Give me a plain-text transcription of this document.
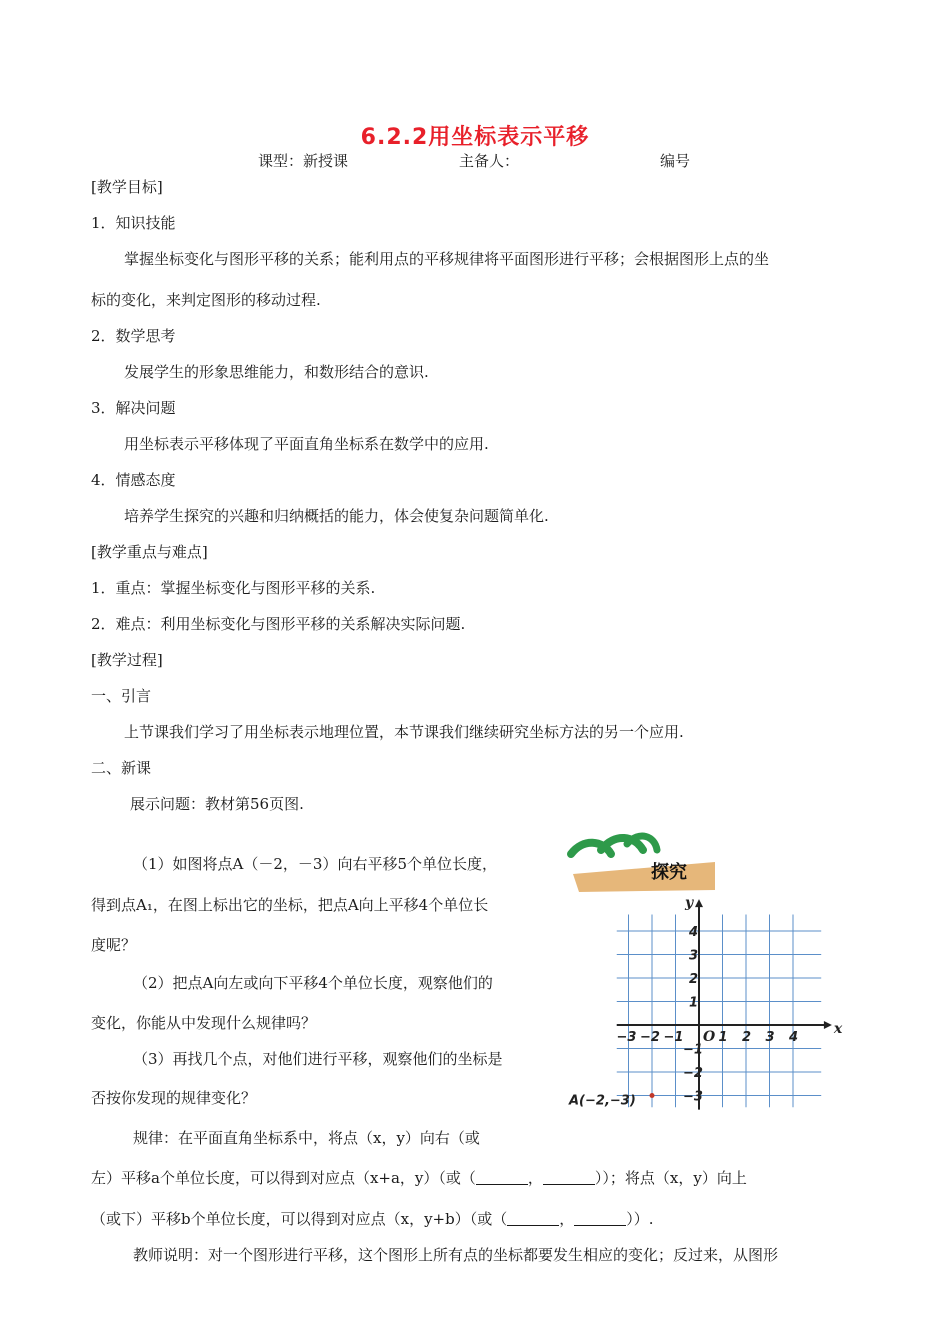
6.2.2用坐标表示平移
课型：新授课	主备人：	编号
[教学目标]
1．知识技能
掌握坐标变化与图形平移的关系；能利用点的平移规律将平面图形进行平移；会根据图形上点的坐
标的变化，来判定图形的移动过程.
2．数学思考
发展学生的形象思维能力，和数形结合的意识.
3．解决问题
用坐标表示平移体现了平面直角坐标系在数学中的应用.
4．情感态度
培养学生探究的兴趣和归纳概括的能力，体会使复杂问题简单化.
[教学重点与难点]
1．重点：掌握坐标变化与图形平移的关系.
2．难点：利用坐标变化与图形平移的关系解决实际问题.
[教学过程]
一、引言
上节课我们学习了用坐标表示地理位置，本节课我们继续研究坐标方法的另一个应用.
二、新课
展示问题：教材第56页图.
（1）如图将点A（－2，－3）向右平移5个单位长度，
得到点A₁，在图上标出它的坐标，把点A向上平移4个单位长
度呢？
（2）把点A向左或向下平移4个单位长度，观察他们的
变化，你能从中发现什么规律吗？
（3）再找几个点，对他们进行平移，观察他们的坐标是
否按你发现的规律变化？
规律：在平面直角坐标系中，将点（x，y）向右（或
左）平移a个单位长度，可以得到对应点（x+a，y）（或（	，	））；将点（x，y）向上
（或下）平移b个单位长度，可以得到对应点（x，y+b）（或（	，	））.
教师说明：对一个图形进行平移，这个图形上所有点的坐标都要发生相应的变化；反过来，从图形
探究
−3 −2 −1	1 2 3 4
4
3
2
1
−1
−2
−3
O	x
y
A(−2,−3)
